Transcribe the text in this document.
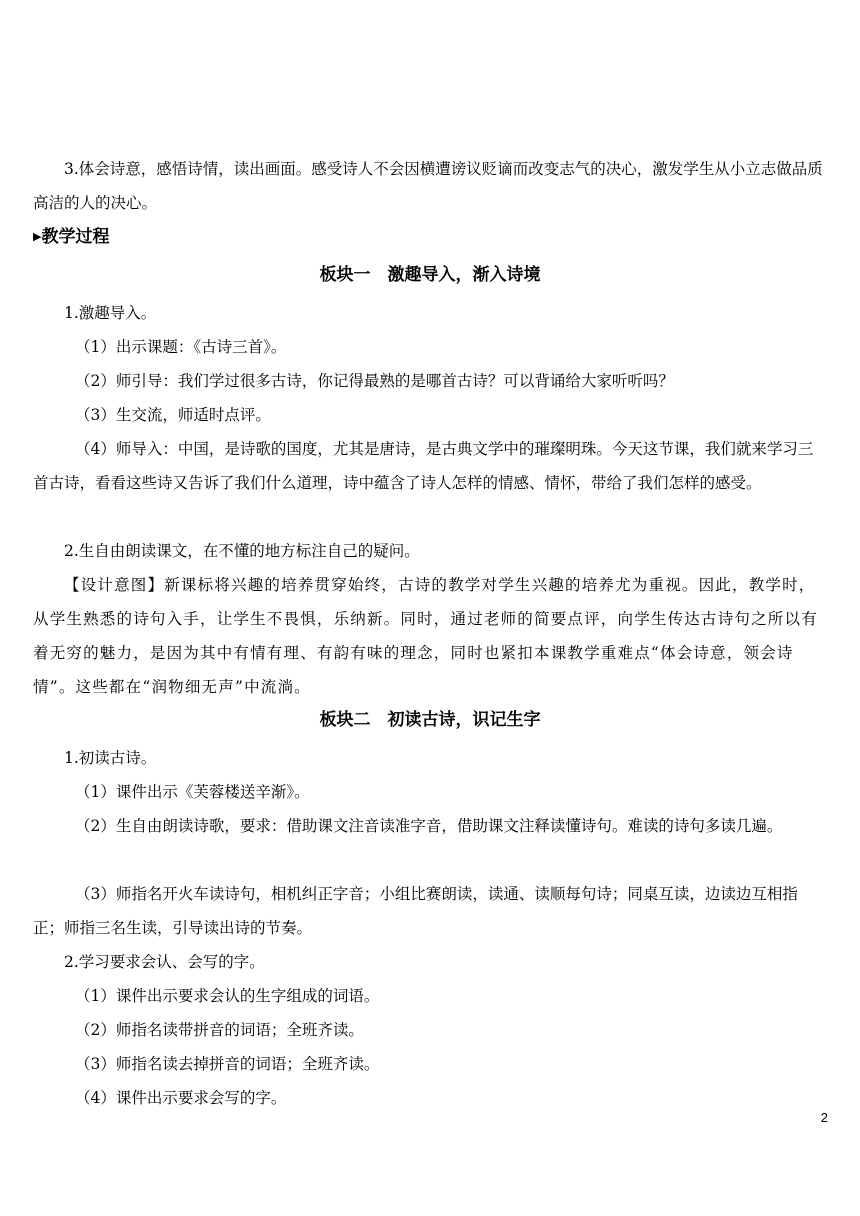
3.体会诗意，感悟诗情，读出画面。感受诗人不会因横遭谤议贬谪而改变志气的决心，激发学生从小立志做品质高洁的人的决心。

▶教学过程
板块一　激趣导入，渐入诗境

1.激趣导入。

（1）出示课题：《古诗三首》。

（2）师引导：我们学过很多古诗，你记得最熟的是哪首古诗？可以背诵给大家听听吗？

（3）生交流，师适时点评。

（4）师导入：中国，是诗歌的国度，尤其是唐诗，是古典文学中的璀璨明珠。今天这节课，我们就来学习三首古诗，看看这些诗又告诉了我们什么道理，诗中蕴含了诗人怎样的情感、情怀，带给了我们怎样的感受。

2.生自由朗读课文，在不懂的地方标注自己的疑问。

【设计意图】新课标将兴趣的培养贯穿始终，古诗的教学对学生兴趣的培养尤为重视。因此，教学时，从学生熟悉的诗句入手，让学生不畏惧，乐纳新。同时，通过老师的简要点评，向学生传达古诗句之所以有着无穷的魅力，是因为其中有情有理、有韵有味的理念，同时也紧扣本课教学重难点“体会诗意，领会诗情”。这些都在“润物细无声”中流淌。

板块二　初读古诗，识记生字

1.初读古诗。

（1）课件出示《芙蓉楼送辛渐》。

（2）生自由朗读诗歌，要求：借助课文注音读准字音，借助课文注释读懂诗句。难读的诗句多读几遍。

（3）师指名开火车读诗句，相机纠正字音；小组比赛朗读，读通、读顺每句诗；同桌互读，边读边互相指正；师指三名生读，引导读出诗的节奏。

2.学习要求会认、会写的字。

（1）课件出示要求会认的生字组成的词语。

（2）师指名读带拼音的词语；全班齐读。

（3）师指名读去掉拼音的词语；全班齐读。

（4）课件出示要求会写的字。

2
